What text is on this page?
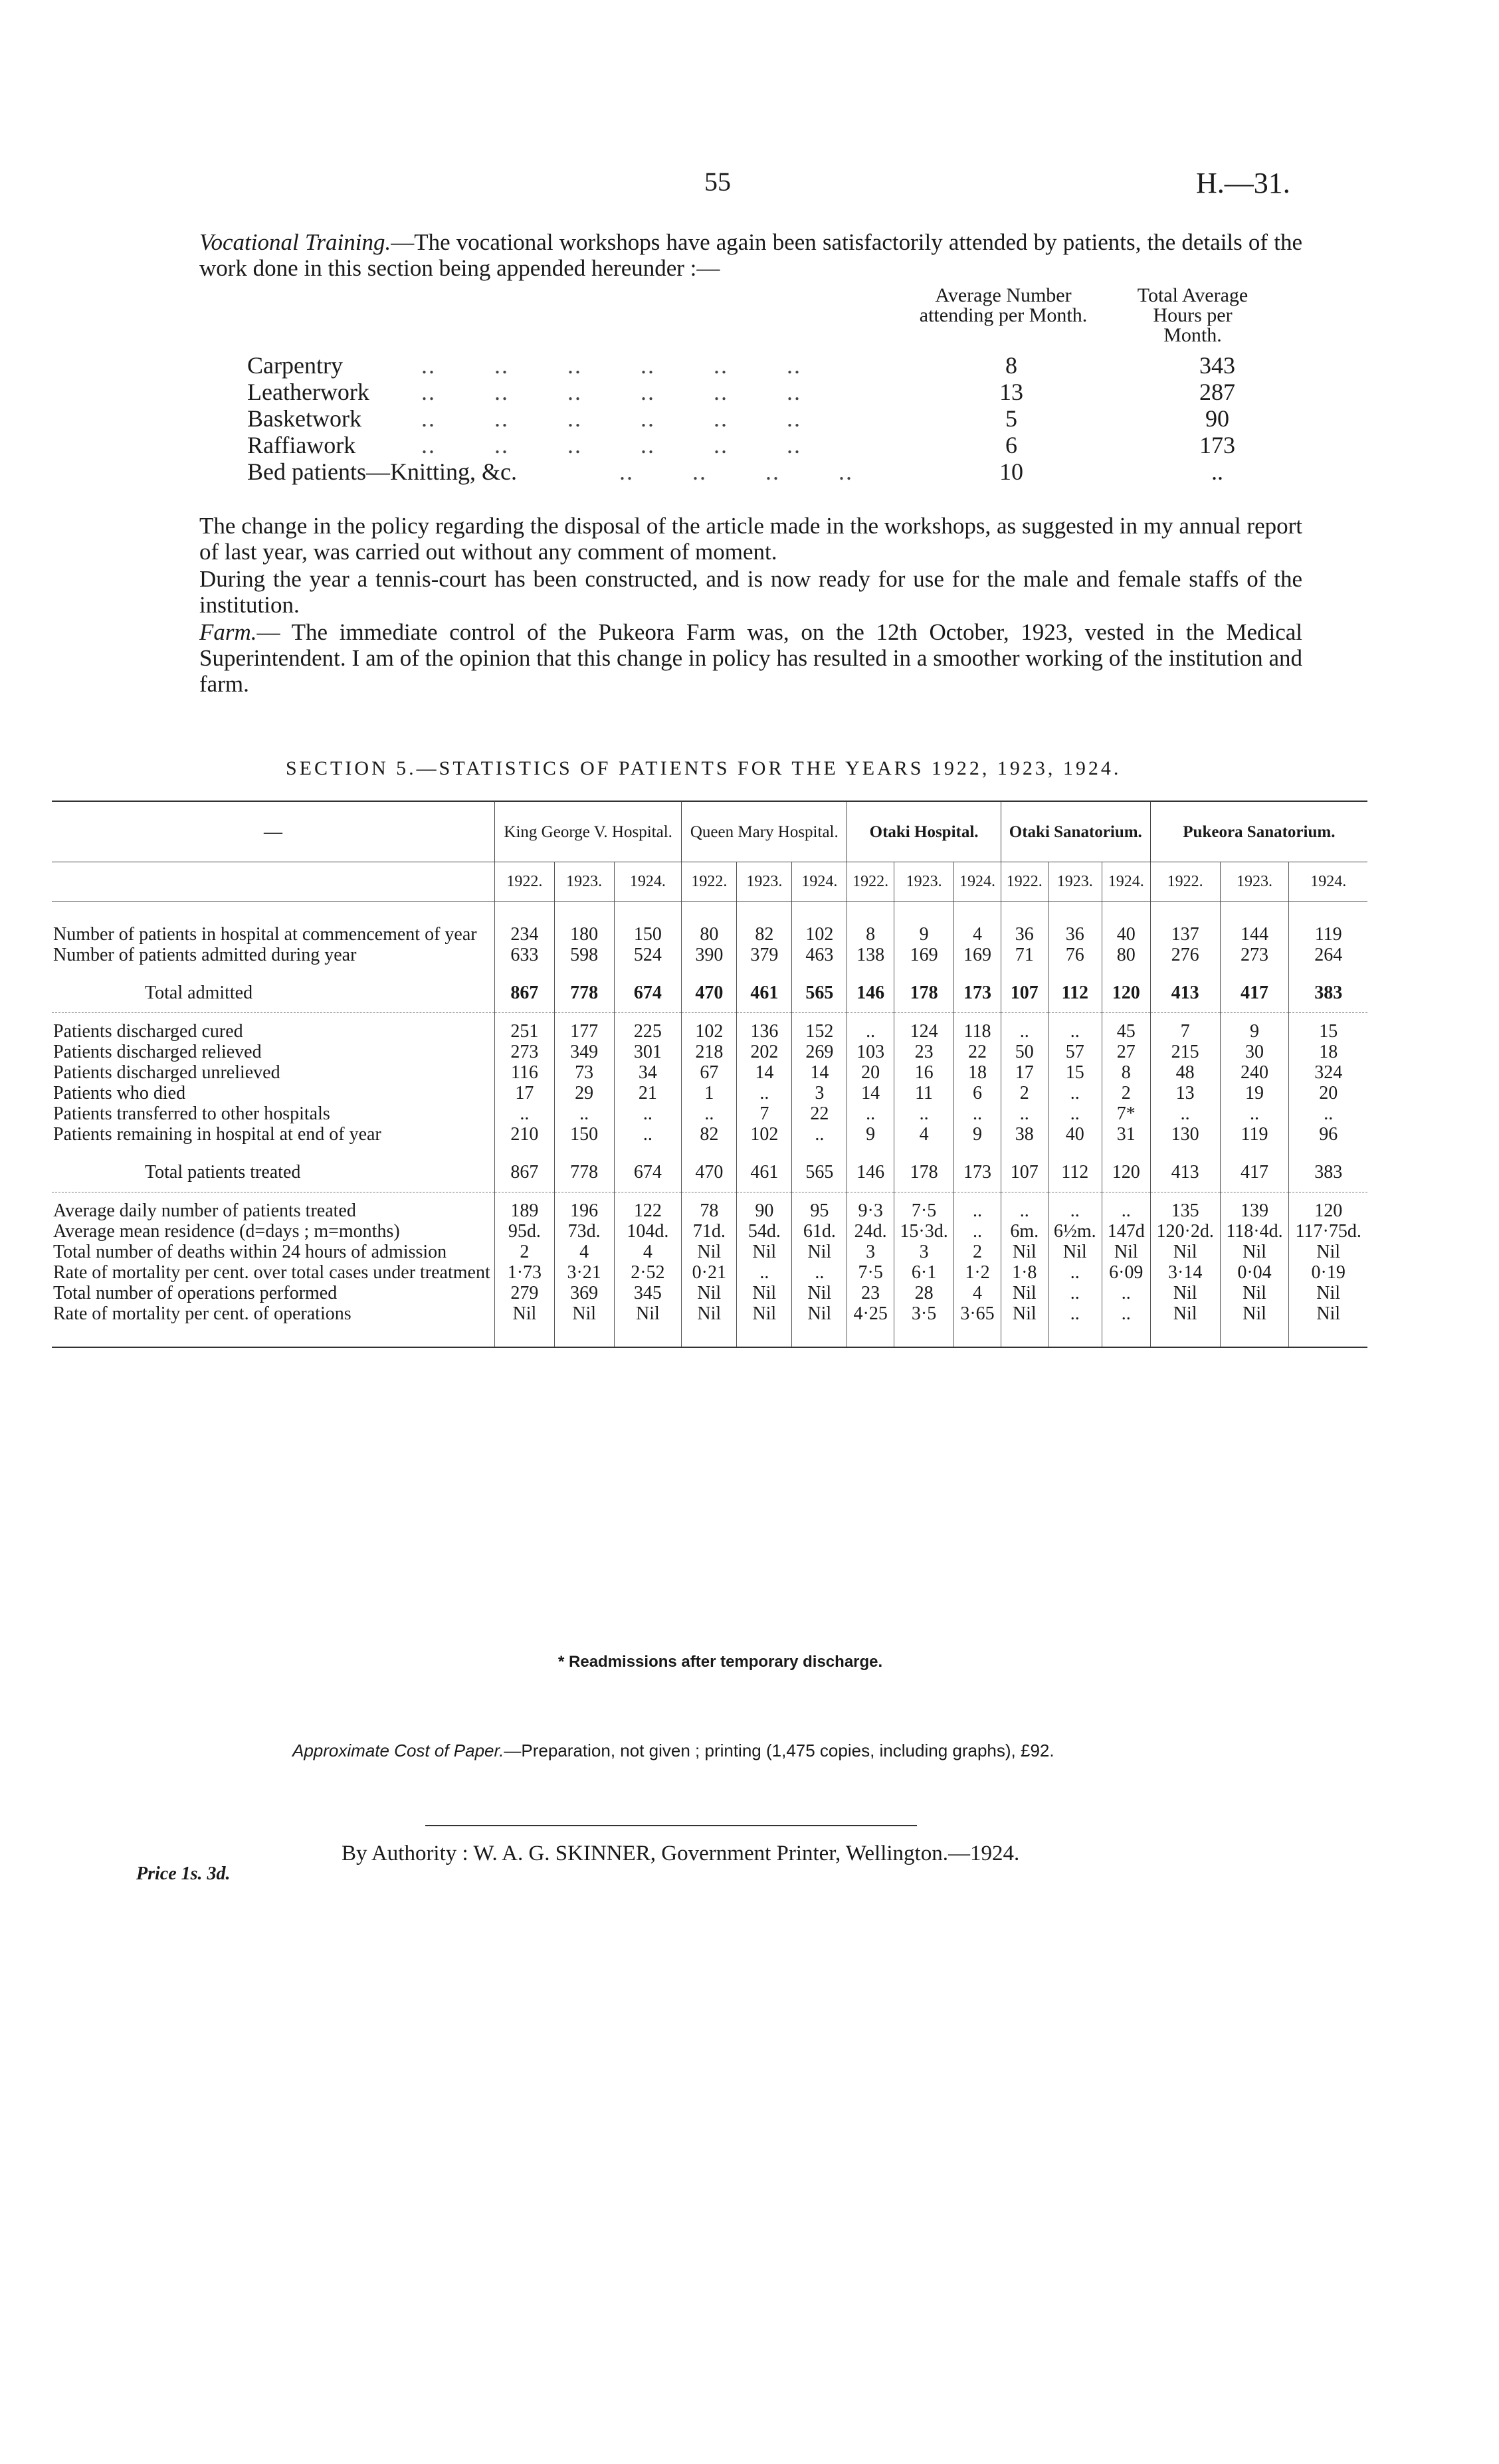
55	H.—31.
Vocational Training.—The vocational workshops have again been satisfactorily attended by patients, the details of the work done in this section being appended hereunder :—
Average Number attending per Month.
Total Average Hours per Month.
Carpentry	..        ..        ..        ..        ..        ..	8	343
Leatherwork ..        ..        ..        ..        ..        ..	13	287
Basketwork	..        ..        ..        ..        ..        ..	5	90
Raffiawork	..        ..        ..        ..        ..        ..	6	173
Bed patients—Knitting, &c.	..        ..        ..        ..	10	..
The change in the policy regarding the disposal of the article made in the workshops, as suggested in my annual report of last year, was carried out without any comment of moment.
During the year a tennis-court has been constructed, and is now ready for use for the male and female staffs of the institution.
Farm.— The immediate control of the Pukeora Farm was, on the 12th October, 1923, vested in the Medical Superintendent. I am of the opinion that this change in policy has resulted in a smoother working of the institution and farm.
SECTION 5.—STATISTICS OF PATIENTS FOR THE YEARS 1922, 1923, 1924.
—	King George V. Hospital.			Queen Mary Hospital.			Otaki Hospital.			Otaki Sanatorium.			Pukeora Sanatorium.		
	1922.	1923.	1924.	1922.	1923.	1924.	1922.	1923.	1924.	1922.	1923.	1924.	1922.	1923.	1924.

Number of patients in hospital at commencement of year	234	180	150	80	82	102	8	9	4	36	36	40	137	144	119
Number of patients admitted during year	633	598	524	390	379	463	138	169	169	71	76	80	276	273	264

Total admitted	867	778	674	470	461	565	146	178	173	107	112	120	413	417	383

Patients discharged cured	251	177	225	102	136	152	..	124	118	..	..	45	7	9	15
Patients discharged relieved	273	349	301	218	202	269	103	23	22	50	57	27	215	30	18
Patients discharged unrelieved	116	73	34	67	14	14	20	16	18	17	15	8	48	240	324
Patients who died	17	29	21	1	..	3	14	11	6	2	..	2	13	19	20
Patients transferred to other hospitals	..	..	..	..	7	22	..	..	..	..	..	7*	..	..	..
Patients remaining in hospital at end of year	210	150	..	82	102	..	9	4	9	38	40	31	130	119	96

Total patients treated	867	778	674	470	461	565	146	178	173	107	112	120	413	417	383

Average daily number of patients treated	189	196	122	78	90	95	9·3	7·5	..	..	..	..	135	139	120
Average mean residence (d=days ; m=months)	95d.	73d.	104d.	71d.	54d.	61d.	24d.	15·3d.	..	6m.	6½m.	147d	120·2d.	118·4d.	117·75d.
Total number of deaths within 24 hours of admission	2	4	4	Nil	Nil	Nil	3	3	2	Nil	Nil	Nil	Nil	Nil	Nil
Rate of mortality per cent. over total cases under treatment	1·73	3·21	2·52	0·21	..	..	7·5	6·1	1·2	1·8	..	6·09	3·14	0·04	0·19
Total number of operations performed	279	369	345	Nil	Nil	Nil	23	28	4	Nil	..	..	Nil	Nil	Nil
Rate of mortality per cent. of operations	Nil	Nil	Nil	Nil	Nil	Nil	4·25	3·5	3·65	Nil	..	..	Nil	Nil	Nil

* Readmissions after temporary discharge.
Approximate Cost of Paper.—Preparation, not given ; printing (1,475 copies, including graphs), £92.
By Authority : W. A. G. SKINNER, Government Printer, Wellington.—1924.
Price 1s. 3d.
